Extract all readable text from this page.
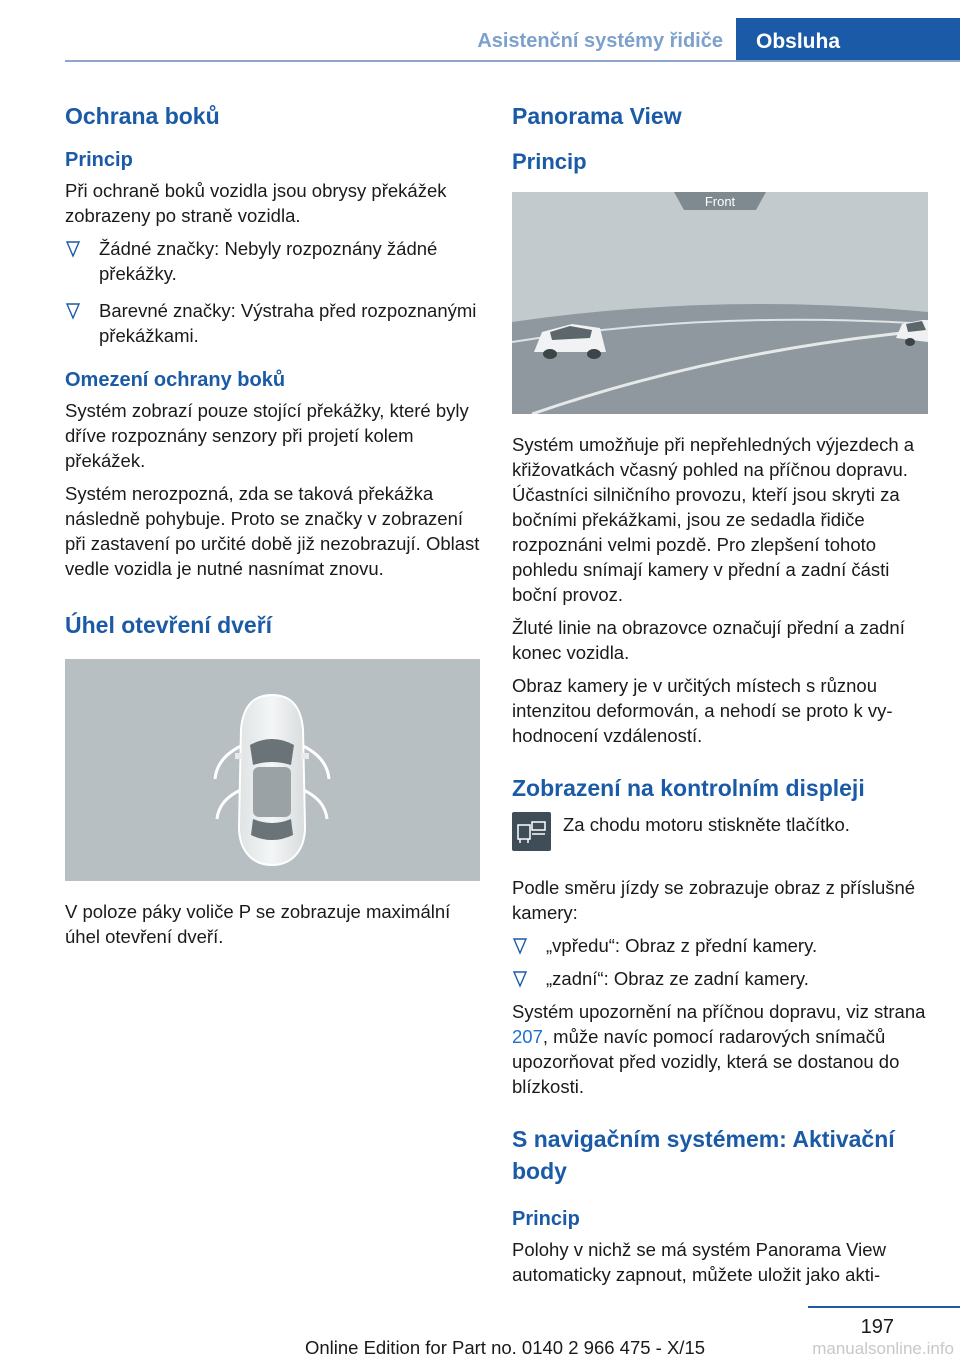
Asistenční systémy řidiče	Obsluha
Ochrana boků
Princip

Při ochraně boků vozidla jsou obrysy překážek zobrazeny po straně vozidla.

Žádné značky: Nebyly rozpoznány žádné překážky.
Barevné značky: Výstraha před rozpoznanými překážkami.
Omezení ochrany boků

Systém zobrazí pouze stojící překážky, které byly dříve rozpoznány senzory při projetí kolem překážek.

Systém nerozpozná, zda se taková překážka následně pohybuje. Proto se značky v zobrazení při zastavení po určité době již nezobrazují. Oblast vedle vozidla je nutné nasnímat znovu.

Úhel otevření dveří

V poloze páky voliče P se zobrazuje maximální úhel otevření dveří.

Panorama View
Princip
Front

Systém umožňuje při nepřehledných výjezdech a křižovatkách včasný pohled na příčnou dopravu. Účastníci silničního provozu, kteří jsou skryti za bočními překážkami, jsou ze sedadla řidiče rozpoznáni velmi pozdě. Pro zlepšení tohoto pohledu snímají kamery v přední a zadní části boční provoz.

Žluté linie na obrazovce označují přední a zadní konec vozidla.

Obraz kamery je v určitých místech s různou intenzitou deformován, a nehodí se proto k vyhodnocení vzdáleností.

Zobrazení na kontrolním displeji

Za chodu motoru stiskněte tlačítko.

Podle směru jízdy se zobrazuje obraz z příslušné kamery:

„vpředu“: Obraz z přední kamery.
„zadní“: Obraz ze zadní kamery.

Systém upozornění na příčnou dopravu, viz strana 207, může navíc pomocí radarových snímačů upozorňovat před vozidly, která se dostanou do blízkosti.

S navigačním systémem: Aktivační body
Princip

Polohy v nichž se má systém Panorama View automaticky zapnout, můžete uložit jako akti-

197
Online Edition for Part no. 0140 2 966 475 - X/15	manualsonline.info
